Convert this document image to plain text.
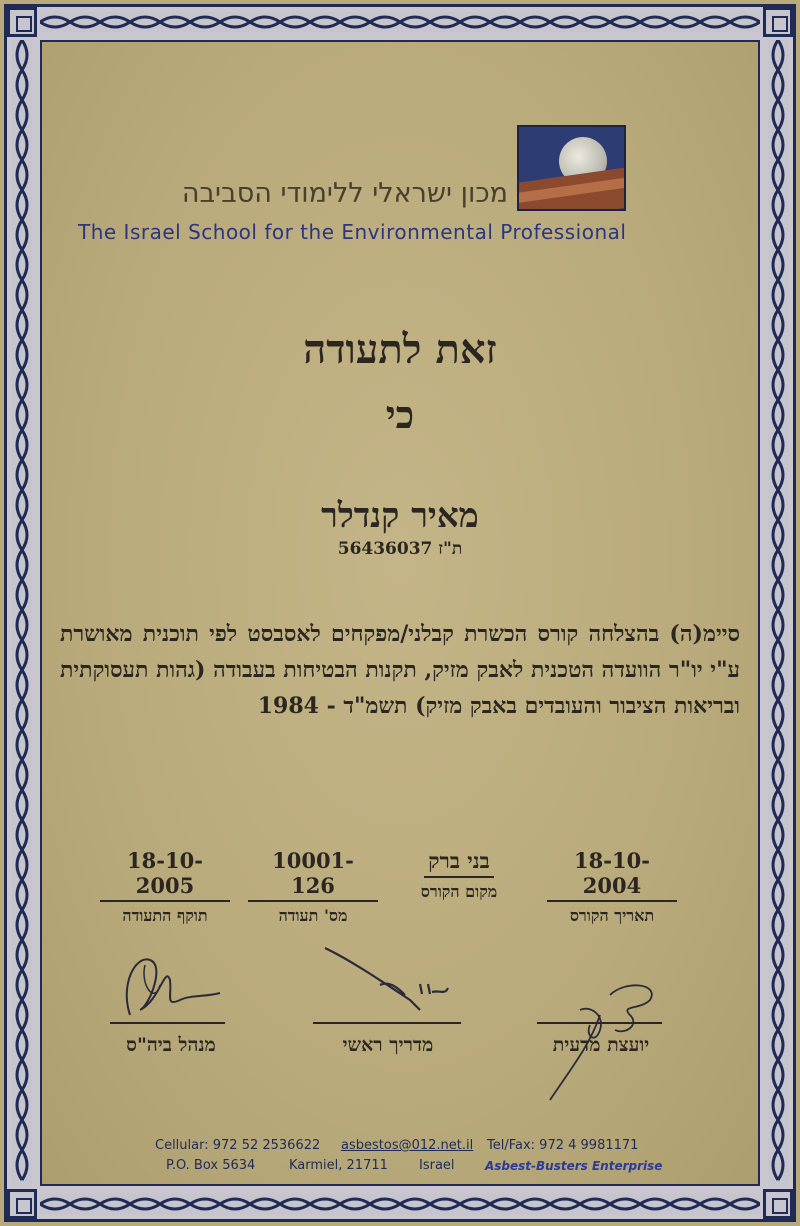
מכון ישראלי ללימודי הסביבה
The Israel School for the Environmental Professional
זאת לתעודה
כי
מאיר קנדלר
ת"ז 56436037
סיימ(ה) בהצלחה קורס הכשרת קבלני/מפקחים לאסבסט לפי תוכנית מאושרת ע"י יו"ר הוועדה הטכנית לאבק מזיק, תקנות הבטיחות בעבודה (גהות תעסוקתית ובריאות הציבור והעובדים באבק מזיק) תשמ"ד - 1984
18-10-2004
תאריך הקורס
בני ברק
מקום הקורס
10001-126
מס' תעודה
18-10-2005
תוקף התעודה
מנהל ביה"ס	מדריך ראשי	יועצת מדעית
Cellular: 972 52 2536622 asbestos@012.net.il Tel/Fax: 972 4 9981171
P.O. Box 5634	Karmiel, 21711 Israel	Asbest-Busters Enterprise
